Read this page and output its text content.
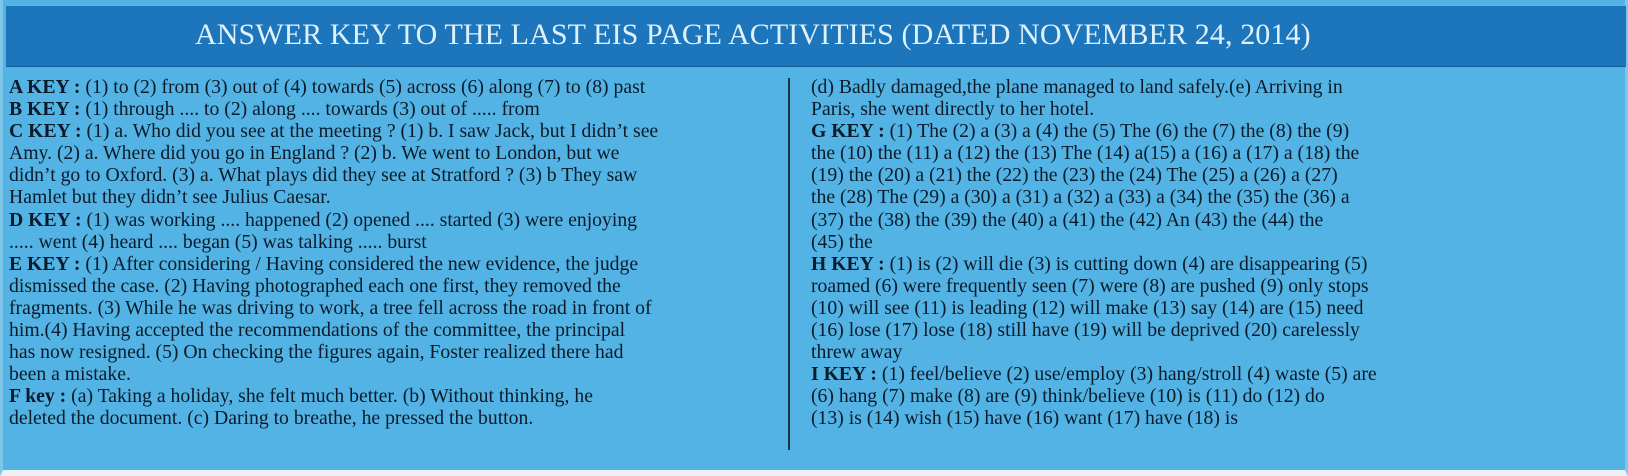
ANSWER KEY TO THE LAST EIS PAGE ACTIVITIES (DATED NOVEMBER 24, 2014)
A KEY : (1) to (2) from (3) out of (4) towards (5) across (6) along (7) to (8) past
B KEY : (1) through .... to (2) along .... towards (3) out of ..... from
C KEY : (1) a. Who did you see at the meeting ? (1) b. I saw Jack, but I didn’t see
Amy. (2) a. Where did you go in England ? (2) b. We went to London, but we
didn’t go to Oxford. (3) a. What plays did they see at Stratford ? (3) b They saw
Hamlet but they didn’t see Julius Caesar.
D KEY : (1) was working .... happened (2) opened .... started (3) were enjoying
..... went (4) heard .... began (5) was talking ..... burst
E KEY : (1) After considering / Having considered the new evidence, the judge
dismissed the case. (2) Having photographed each one first, they removed the
fragments. (3) While he was driving to work, a tree fell across the road in front of
him.(4) Having accepted the recommendations of the committee, the principal
has now resigned. (5) On checking the figures again, Foster realized there had
been a mistake.
F key : (a) Taking a holiday, she felt much better. (b) Without thinking, he
deleted the document. (c) Daring to breathe, he pressed the button.
(d) Badly damaged,the plane managed to land safely.(e) Arriving in
Paris, she went directly to her hotel.
G KEY : (1) The (2) a (3) a (4) the (5) The (6) the (7) the (8) the (9)
the (10) the (11) a (12) the (13) The (14) a(15) a (16) a (17) a (18) the
(19) the (20) a (21) the (22) the (23) the (24) The (25) a (26) a (27)
the (28) The (29) a (30) a (31) a (32) a (33) a (34) the (35) the (36) a
(37) the (38) the (39) the (40) a (41) the (42) An (43) the (44) the
(45) the
H KEY : (1) is (2) will die (3) is cutting down (4) are disappearing (5)
roamed (6) were frequently seen (7) were (8) are pushed (9) only stops
(10) will see (11) is leading (12) will make (13) say (14) are (15) need
(16) lose (17) lose (18) still have (19) will be deprived (20) carelessly
threw away
I KEY : (1) feel/believe (2) use/employ (3) hang/stroll (4) waste (5) are
(6) hang (7) make (8) are (9) think/believe (10) is (11) do (12) do
(13) is (14) wish (15) have (16) want (17) have (18) is
